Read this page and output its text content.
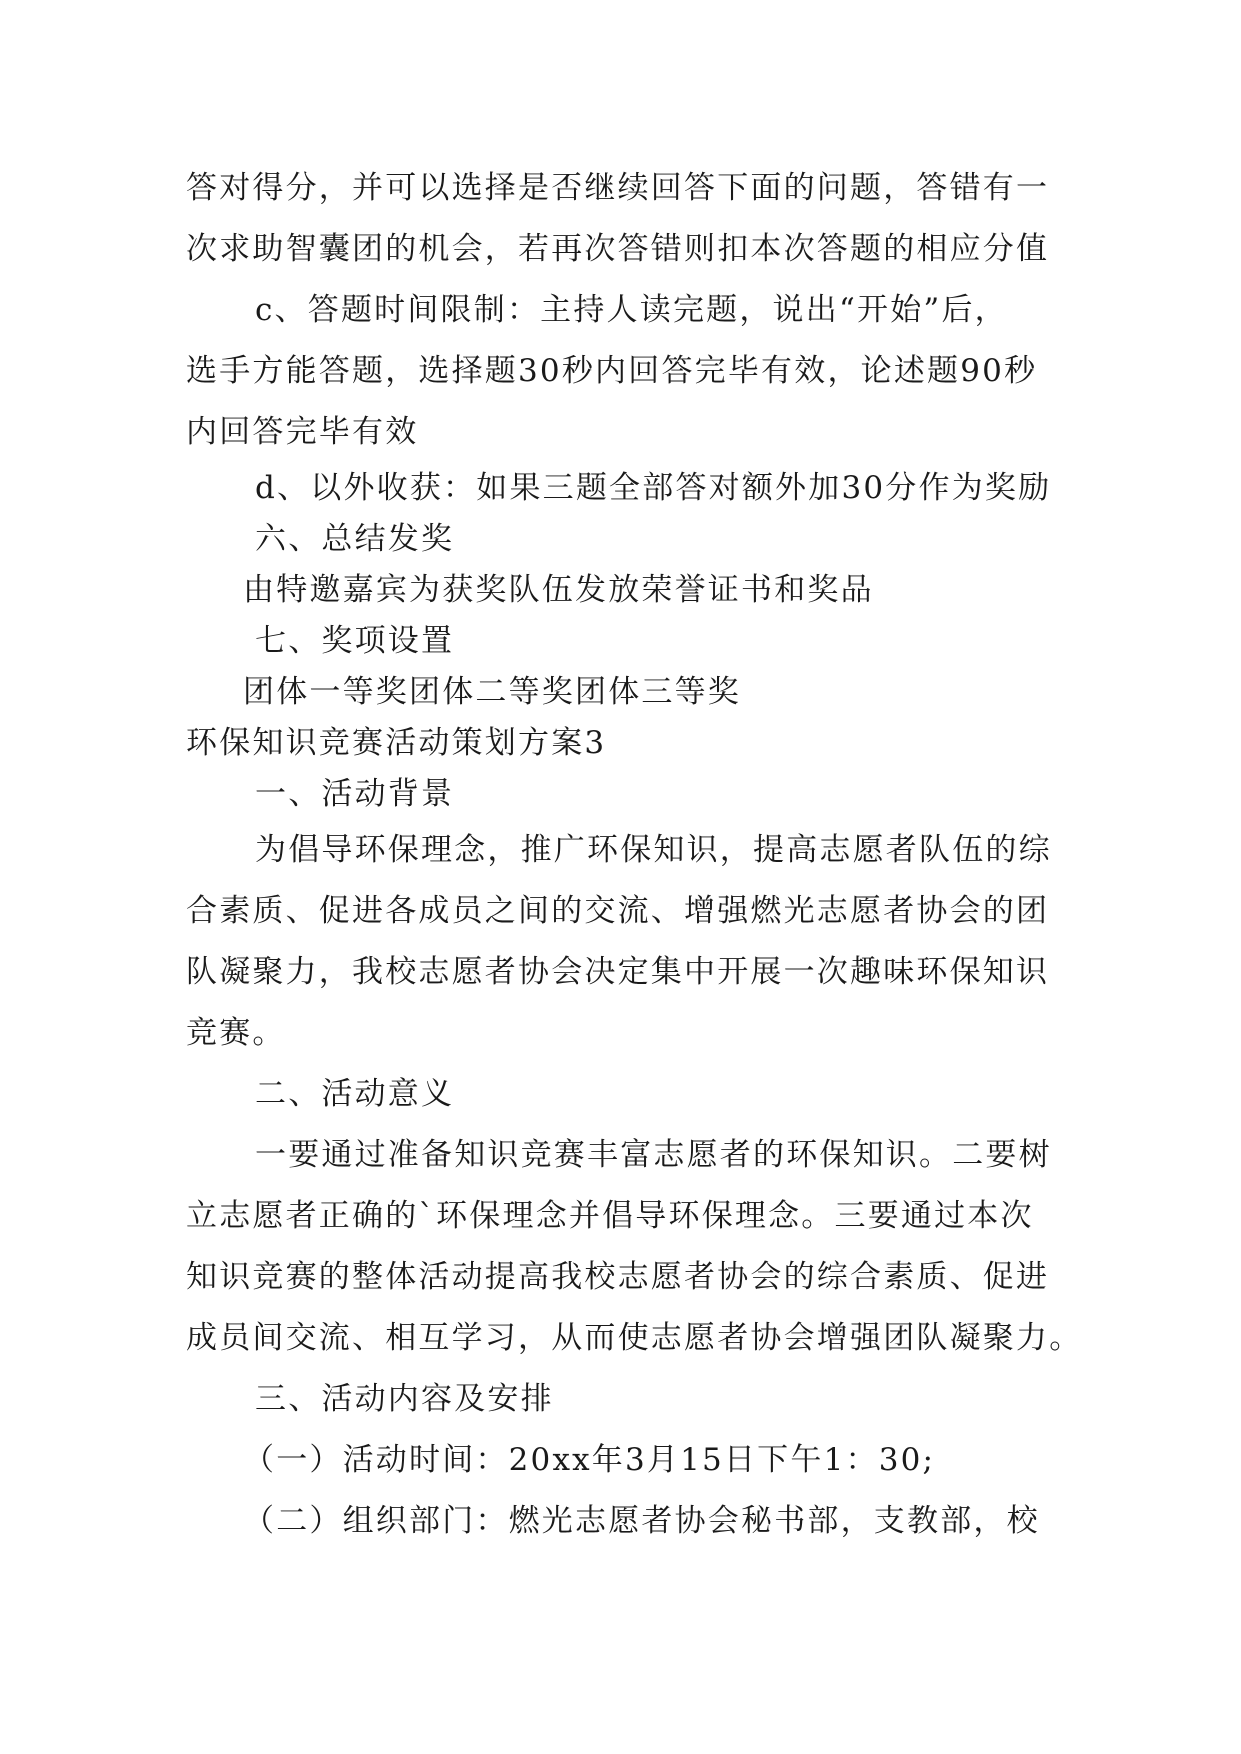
答对得分，并可以选择是否继续回答下面的问题，答错有一
次求助智囊团的机会，若再次答错则扣本次答题的相应分值
c、答题时间限制：主持人读完题，说出“开始”后，
选手方能答题，选择题30秒内回答完毕有效，论述题90秒
内回答完毕有效
d、以外收获：如果三题全部答对额外加30分作为奖励
六、总结发奖
由特邀嘉宾为获奖队伍发放荣誉证书和奖品
七、奖项设置
团体一等奖团体二等奖团体三等奖
环保知识竞赛活动策划方案3
一、活动背景
为倡导环保理念，推广环保知识，提高志愿者队伍的综
合素质、促进各成员之间的交流、增强燃光志愿者协会的团
队凝聚力，我校志愿者协会决定集中开展一次趣味环保知识
竞赛。
二、活动意义
一要通过准备知识竞赛丰富志愿者的环保知识。二要树
立志愿者正确的`环保理念并倡导环保理念。三要通过本次
知识竞赛的整体活动提高我校志愿者协会的综合素质、促进
成员间交流、相互学习，从而使志愿者协会增强团队凝聚力。
三、活动内容及安排
（一）活动时间：20xx年3月15日下午1：30;
（二）组织部门：燃光志愿者协会秘书部，支教部，校
